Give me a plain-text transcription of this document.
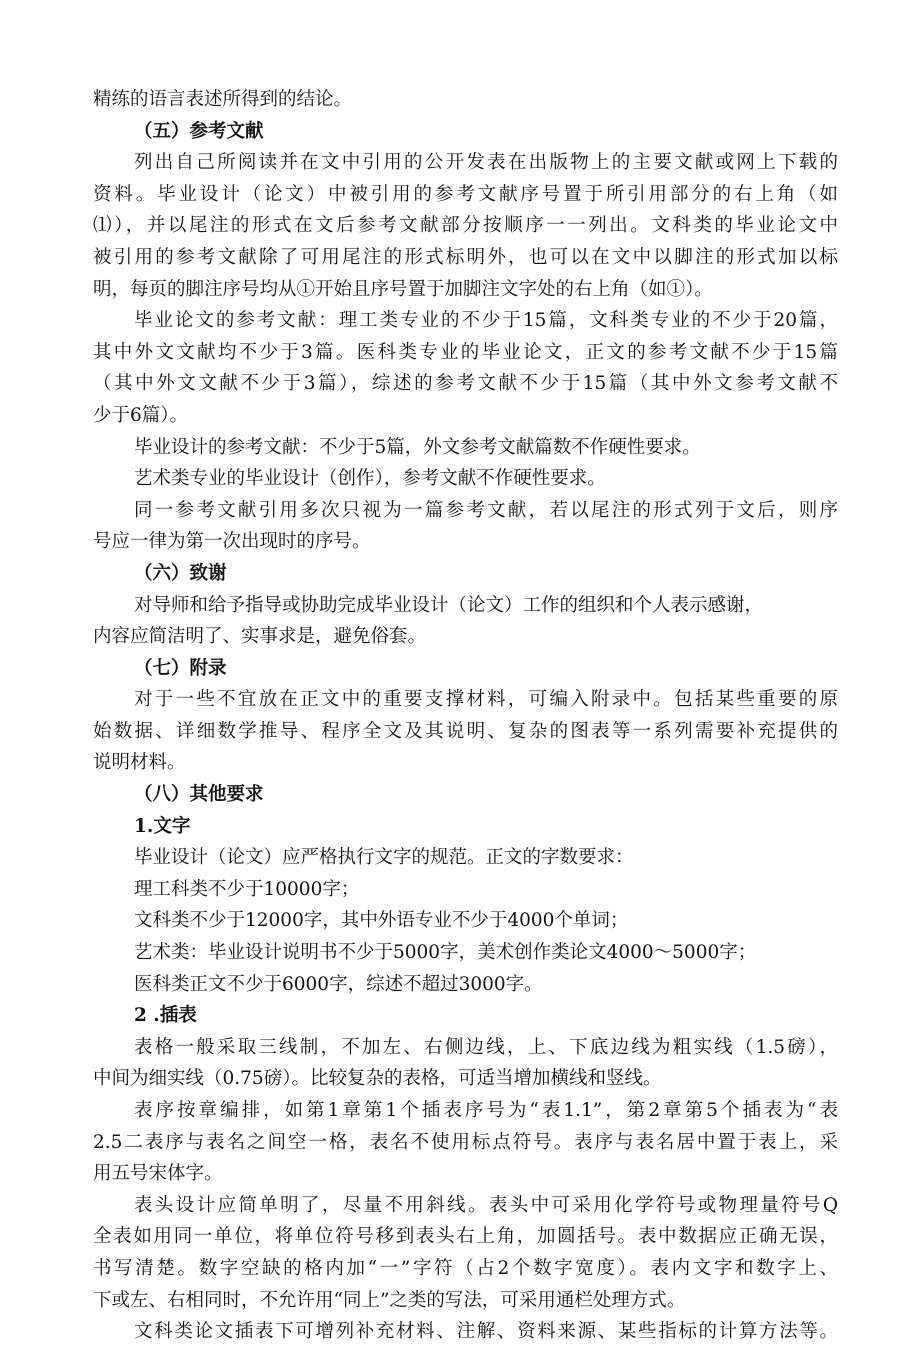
精练的语言表述所得到的结论。
（五）参考文献
列出自己所阅读并在文中引用的公开发表在出版物上的主要文献或网上下载的
资料。毕业设计（论文）中被引用的参考文献序号置于所引用部分的右上角（如
⑴），并以尾注的形式在文后参考文献部分按顺序一一列出。文科类的毕业论文中
被引用的参考文献除了可用尾注的形式标明外，也可以在文中以脚注的形式加以标
明，每页的脚注序号均从①开始且序号置于加脚注文字处的右上角（如①）。
毕业论文的参考文献：理工类专业的不少于15篇，文科类专业的不少于20篇，
其中外文文献均不少于3篇。医科类专业的毕业论文，正文的参考文献不少于15篇
（其中外文文献不少于3篇），综述的参考文献不少于15篇（其中外文参考文献不
少于6篇）。
毕业设计的参考文献：不少于5篇，外文参考文献篇数不作硬性要求。
艺术类专业的毕业设计（创作），参考文献不作硬性要求。
同一参考文献引用多次只视为一篇参考文献，若以尾注的形式列于文后，则序
号应一律为第一次出现时的序号。
（六）致谢
对导师和给予指导或协助完成毕业设计（论文）工作的组织和个人表示感谢，
内容应简洁明了、实事求是，避免俗套。
（七）附录
对于一些不宜放在正文中的重要支撑材料，可编入附录中。包括某些重要的原
始数据、详细数学推导、程序全文及其说明、复杂的图表等一系列需要补充提供的
说明材料。
（八）其他要求
1.文字
毕业设计（论文）应严格执行文字的规范。正文的字数要求：
理工科类不少于10000字；
文科类不少于12000字，其中外语专业不少于4000个单词；
艺术类：毕业设计说明书不少于5000字，美术创作类论文4000～5000字；
医科类正文不少于6000字，综述不超过3000字。
2 .插表
表格一般采取三线制，不加左、右侧边线，上、下底边线为粗实线（1.5磅），
中间为细实线（0.75磅）。比较复杂的表格，可适当增加横线和竖线。
表序按章编排，如第1章第1个插表序号为“表1.1”，第2章第5个插表为“表
2.5二表序与表名之间空一格，表名不使用标点符号。表序与表名居中置于表上，采
用五号宋体字。
表头设计应简单明了，尽量不用斜线。表头中可采用化学符号或物理量符号Q
全表如用同一单位，将单位符号移到表头右上角，加圆括号。表中数据应正确无误，
书写清楚。数字空缺的格内加“一”字符（占2个数字宽度）。表内文字和数字上、
下或左、右相同时，不允许用“同上”之类的写法，可采用通栏处理方式。
文科类论文插表下可增列补充材料、注解、资料来源、某些指标的计算方法等。
